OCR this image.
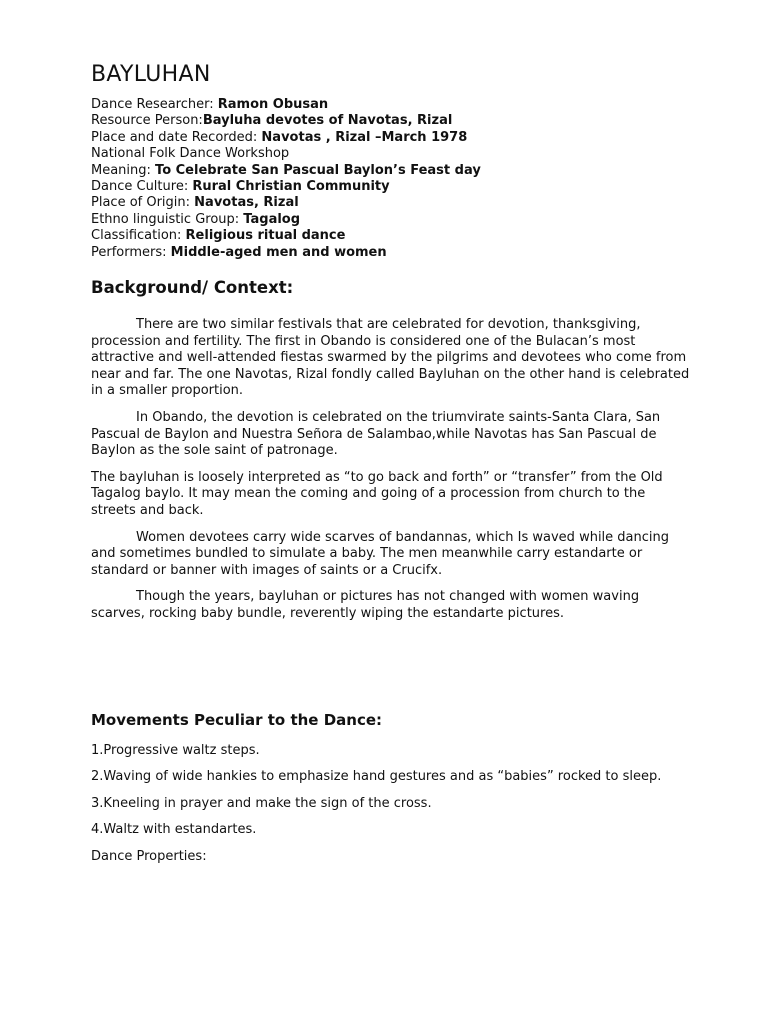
BAYLUHAN
Dance Researcher: Ramon Obusan
Resource Person:Bayluha devotes of Navotas, Rizal
Place and date Recorded: Navotas , Rizal –March 1978
National Folk Dance Workshop
Meaning: To Celebrate San Pascual Baylon’s Feast day
Dance Culture: Rural Christian Community
Place of Origin: Navotas, Rizal
Ethno linguistic Group: Tagalog
Classification: Religious ritual dance
Performers: Middle-aged men and women
Background/ Context:

There are two similar festivals that are celebrated for devotion, thanksgiving, procession and fertility. The first in Obando is considered one of the Bulacan’s most attractive and well-attended fiestas swarmed by the pilgrims and devotees who come from near and far. The one Navotas, Rizal fondly called Bayluhan on the other hand is celebrated in a smaller proportion.

In Obando, the devotion is celebrated on the triumvirate saints-Santa Clara, San Pascual de Baylon and Nuestra Señora de Salambao,while Navotas has San Pascual de Baylon as the sole saint of patronage.

The bayluhan is loosely interpreted as “to go back and forth” or “transfer” from the Old Tagalog baylo. It may mean the coming and going of a procession from church to the streets and back.

Women devotees carry wide scarves of bandannas, which Is waved while dancing and sometimes bundled to simulate a baby. The men meanwhile carry estandarte or standard or banner with images of saints or a Crucifx.

Though the years, bayluhan or pictures has not changed with women waving scarves, rocking baby bundle, reverently wiping the estandarte pictures.

Movements Peculiar to the Dance:

1.Progressive waltz steps.

2.Waving of wide hankies to emphasize hand gestures and as “babies” rocked to sleep.

3.Kneeling in prayer and make the sign of the cross.

4.Waltz with estandartes.

Dance Properties:
